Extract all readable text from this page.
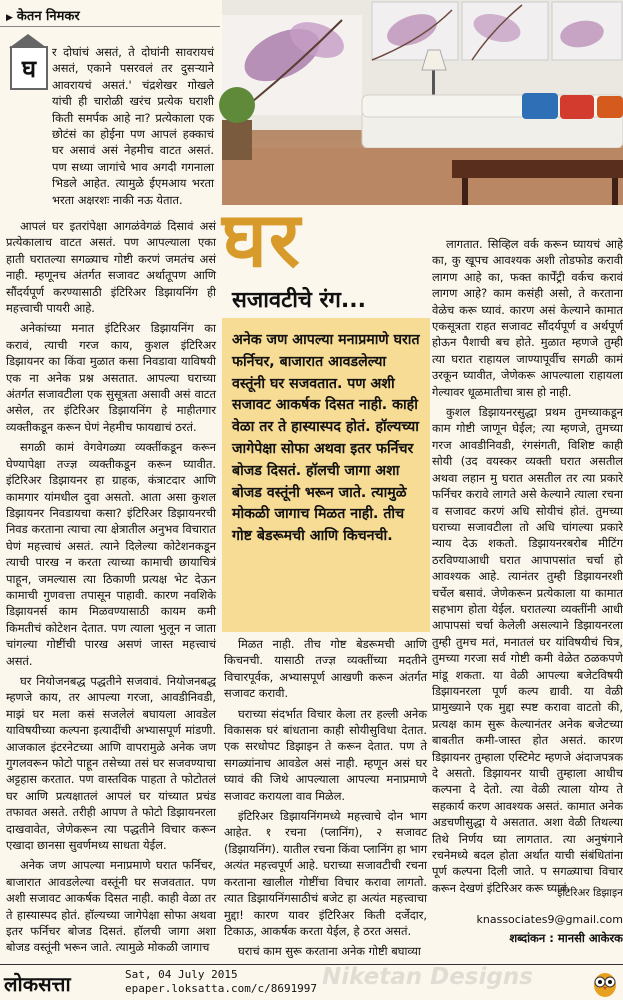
▶ केतन निमकर
घ

र दोघांचं असतं, ते दोघांनी सावरायचं असतं, एकाने पसरवलं तर दुसऱ्याने आवरायचं असतं.' चंद्रशेखर गोखले यांची ही चारोळी खरंच प्रत्येक घराशी किती समर्पक आहे ना? प्रत्येकाला एक छोटंसं का होईना पण आपलं हक्काचं घर असावं असं नेहमीच वाटत असतं. पण सध्या जागांचे भाव अगदी गगनाला भिडले आहेत. त्यामुळे ईएमआय भरता भरता अक्षरशः नाकी नऊ येतात.

आपलं घर इतरांपेक्षा आगळंवेगळं दिसावं असं प्रत्येकालाच वाटत असतं. पण आपल्याला एका हाती घरातल्या सगळ्याच गोष्टी करणं जमतंच असं नाही. म्हणूनच अंतर्गत सजावट अर्थातूपण आणि सौंदर्यपूर्ण करण्यासाठी इंटिरिअर डिझायनिंग ही महत्त्वाची पायरी आहे.

अनेकांच्या मनात इंटिरिअर डिझायनिंग का करावं, त्याची गरज काय, कुशल इंटिरिअर डिझायनर का किंवा मुळात कसा निवडावा याविषयी एक ना अनेक प्रश्न असतात. आपल्या घराच्या अंतर्गत सजावटीला एक सुसूत्रता असावी असं वाटत असेल, तर इंटिरिअर डिझायनिंग हे माहीतगार व्यक्तीकडून करून घेणं नेहमीच फायद्याचं ठरतं.

सगळी कामं वेगवेगळ्या व्यक्तींकडून करून घेण्यापेक्षा तज्ज्ञ व्यक्तीकडून करून घ्यावीत. इंटिरिअर डिझायनर हा ग्राहक, कंत्राटदार आणि कामगार यांमधील दुवा असतो. आता असा कुशल डिझायनर निवडायचा कसा? इंटिरिअर डिझायनरची निवड करताना त्याचा त्या क्षेत्रातील अनुभव विचारात घेणं महत्त्वाचं असतं. त्याने दिलेल्या कोटेशनकडून त्याची पारख न करता त्याच्या कामाची छायाचित्रं पाहून, जमल्यास त्या ठिकाणी प्रत्यक्ष भेट देऊन कामाची गुणवत्ता तपासून पाहावी. कारण नवशिके डिझायनर्स काम मिळवण्यासाठी कायम कमी किमतीचं कोटेशन देतात. पण त्याला भुलून न जाता चांगल्या गोष्टींची पारख असणं जास्त महत्त्वाचं असतं.

घर नियोजनबद्ध पद्धतीने सजवावं. नियोजनबद्ध म्हणजे काय, तर आपल्या गरजा, आवडीनिवडी, माझं घर मला कसं सजलेलं बघायला आवडेल याविषयीच्या कल्पना इत्यादींची अभ्यासपूर्ण मांडणी. आजकाल इंटरनेटच्या आणि वापरामुळे अनेक जण गुगलवरून फोटो पाहून तसेच्या तसं घर सजवण्याचा अट्टहास करतात. पण वास्तविक पाहता ते फोटोतलं घर आणि प्रत्यक्षातलं आपलं घर यांच्यात प्रचंड तफावत असते. तरीही आपण ते फोटो डिझायनरला दाखवावेत, जेणेकरून त्या पद्धतीने विचार करून एखादा छानसा सुवर्णमध्य साधता येईल.

अनेक जण आपल्या मनाप्रमाणे घरात फर्निचर, बाजारात आवडलेल्या वस्तूंनी घर सजवतात. पण अशी सजावट आकर्षक दिसत नाही. काही वेळा तर ते हास्यास्पद होतं. हॉल्यच्या जागेपेक्षा सोफा अथवा इतर फर्निचर बोजड दिसतं. हॉलची जागा अशा बोजड वस्तूंनी भरून जाते. त्यामुळे मोकळी जागाच

घर
सजावटीचे रंग...
अनेक जण आपल्या मनाप्रमाणे घरात फर्निचर, बाजारात आवडलेल्या वस्तूंनी घर सजवतात. पण अशी सजावट आकर्षक दिसत नाही. काही वेळा तर ते हास्यास्पद होतं. हॉल्यच्या जागेपेक्षा सोफा अथवा इतर फर्निचर बोजड दिसतं. हॉलची जागा अशा बोजड वस्तूंनी भरून जाते. त्यामुळे मोकळी जागाच मिळत नाही. तीच गोष्ट बेडरूमची आणि किचनची.

मिळत नाही. तीच गोष्ट बेडरूमची आणि किचनची. यासाठी तज्ज्ञ व्यक्तींच्या मदतीने विचारपूर्वक, अभ्यासपूर्ण आखणी करून अंतर्गत सजावट करावी.

घराच्या संदर्भात विचार केला तर हल्ली अनेक विकासक घरं बांधताना काही सोयीसुविधा देतात. एक सरधोपट डिझाइन ते करून देतात. पण ते सगळ्यांनाच आवडेल असं नाही. म्हणून असं घर घ्यावं की जिथे आपल्याला आपल्या मनाप्रमाणे सजावट करायला वाव मिळेल.

इंटिरिअर डिझायनिंगमध्ये महत्त्वाचे दोन भाग आहेत. १ रचना (प्लानिंग), २ सजावट (डिझायनिंग). यातील रचना किंवा प्लानिंग हा भाग अत्यंत महत्त्वपूर्ण आहे. घराच्या सजावटीची रचना करताना खालील गोष्टींचा विचार करावा लागतो. त्यात डिझायनिंगसाठीचं बजेट हा अत्यंत महत्त्वाचा मुद्दा! कारण यावर इंटिरिअर किती दर्जेदार, टिकाऊ, आकर्षक करता येईल, हे ठरत असतं.

घराचं काम सुरू करताना अनेक गोष्टी बघाव्या

लागतात. सिव्हिल वर्क करून घ्यायचं आहे का, कु खूपच आवश्यक अशी तोडफोड करावी लागण आहे का, फक्त कार्पेंट्री वर्कच करावं लागण आहे? काम कसंही असो, ते करताना वेळेच करू घ्यावं. कारण असं केल्याने कामात एकसूत्रता राहत सजावट सौंदर्यपूर्ण व अर्थपूर्ण होऊन पैशाची बच होते. मुळात म्हणजे तुम्ही त्या घरात राहायल जाण्यापूर्वीच सगळी कामं उरकून घ्यावीत, जेणेकरू आपल्याला राहायला गेल्यावर धूळमातीचा त्रास हो नाही.

कुशल डिझायनरसुद्धा प्रथम तुमच्याकडून काम गोष्टी जाणून घेईल; त्या म्हणजे, तुमच्या गरज आवडीनिवडी, रंगसंगती, विशिष्ट काही सोयी (उद वयस्कर व्यक्ती घरात असतील अथवा लहान मु घरात असतील तर त्या प्रकारे फर्निचर करावे लागते असे केल्याने त्याला रचना व सजावट करणं अधि सोयीचं होतं. तुमच्या घराच्या सजावटीला तो अधि चांगल्या प्रकारे न्याय देऊ शकतो. डिझायनरबरोब मीटिंग ठरविण्याआधी घरात आपापसांत चर्चा हो आवश्यक आहे. त्यानंतर तुम्ही डिझायनरशी चर्चेल बसावं. जेणेकरून प्रत्येकाला या कामात सहभाग होता येईल. घरातल्या व्यक्तींनी आधी आपापसां चर्चा केलेली असल्याने डिझायनरला तुम्ही तुमच मतं, मनातलं घर यांविषयीचं चित्र, तुमच्या गरजा सर्व गोष्टी कमी वेळेत ठळकपणे मांडू शकता. या वेळी आपल्या बजेटविषयी डिझायनरला पूर्ण कल्प द्यावी. या वेळी प्रामुख्याने एक मुद्दा स्पष्ट करावा वाटतो की, प्रत्यक्ष काम सुरू केल्यानंतर अनेक बजेटच्या बाबतीत कमी-जास्त होत असतं. कारण डिझायनर तुम्हाला एस्टिमेट म्हणजे अंदाजपत्रक दे असतो. डिझायनर याची तुम्हाला आधीच कल्पना दे देतो. त्या वेळी त्याला योग्य ते सहकार्य करण आवश्यक असतं. कामात अनेक अडचणीसुद्धा ये असतात. अशा वेळी तिथल्या तिथे निर्णय घ्या लागतात. त्या अनुषंगाने रचनेमध्ये बदल होता अर्थात याची संबंधितांना पूर्ण कल्पना दिली जाते. प सगळ्याचा विचार करून देखणं इंटिरिअर करू घ्यावं.

इंटिरिअर डिझाइन
knassociates9@gmail.com
शब्दांकन : मानसी आकेरक
लोकसत्ता	Sat, 04 July 2015
epaper.loksatta.com/c/8691997 Niketan Designs
